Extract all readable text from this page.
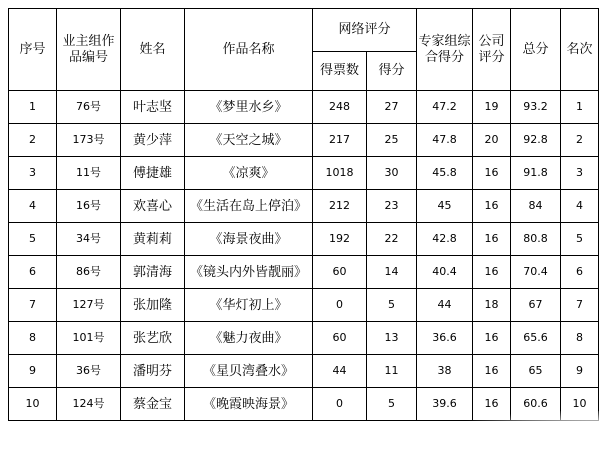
序号	业主组作品编号	姓名	作品名称	网络评分		专家组综合得分	公司评分	总分	名次
				得票数	得分				
1	76号	叶志坚	《梦里水乡》	248	27	47.2	19	93.2	1
2	173号	黄少萍	《天空之城》	217	25	47.8	20	92.8	2
3	11号	傅捷雄	《凉爽》	1018	30	45.8	16	91.8	3
4	16号	欢喜心	《生活在岛上停泊》	212	23	45	16	84	4
5	34号	黄莉莉	《海景夜曲》	192	22	42.8	16	80.8	5
6	86号	郭清海	《镜头内外皆靓丽》	60	14	40.4	16	70.4	6
7	127号	张加隆	《华灯初上》	0	5	44	18	67	7
8	101号	张艺欣	《魅力夜曲》	60	13	36.6	16	65.6	8
9	36号	潘明芬	《星贝湾叠水》	44	11	38	16	65	9
10	124号	蔡金宝	《晚霞映海景》	0	5	39.6	16	60.6	10
